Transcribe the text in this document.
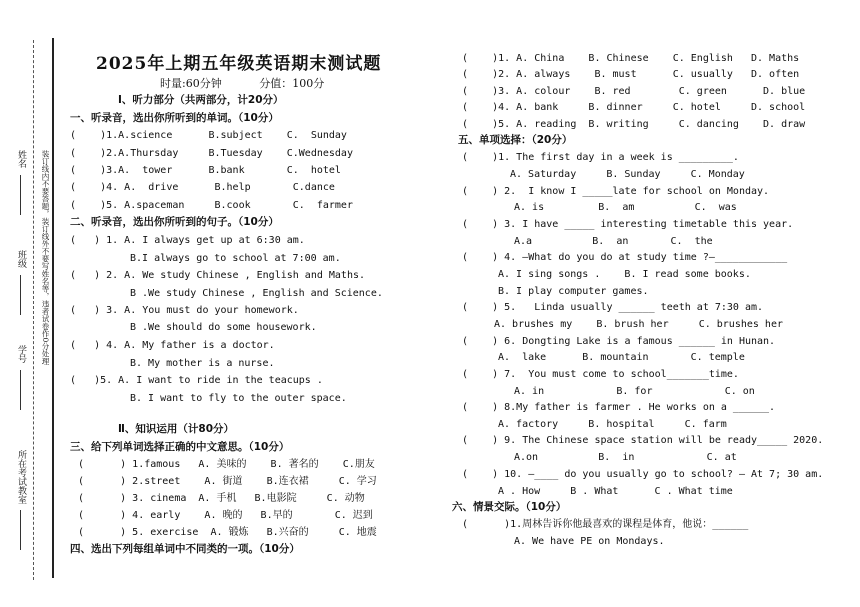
姓名
班级
学号
所在考试教室
装订线内不要答题，装订线外不要写姓名等，违者试卷作0分处理
2025年上期五年级英语期末测试题
时量:60分钟	分值：100分
Ⅰ、听力部分（共两部分，计20分）
一、听录音，选出你所听到的单词。（10分）
(    )1.A.science      B.subject    C.  Sunday
(    )2.A.Thursday     B.Tuesday    C.Wednesday
(    )3.A.  tower      B.bank       C.  hotel
(    )4. A.  drive      B.help       C.dance
(    )5. A.spaceman     B.cook       C.  farmer
二、听录音，选出你所听到的句子。（10分）
(   ) 1. A. I always get up at 6:30 am.
B.I always go to school at 7:00 am.
(   ) 2. A. We study Chinese , English and Maths.
B .We study Chinese , English and Science.
(   ) 3. A. You must do your homework.
B .We should do some housework.
(   ) 4. A. My father is a doctor.
B. My mother is a nurse.
(   )5. A. I want to ride in the teacups .
B. I want to fly to the outer space.
Ⅱ、知识运用（计80分）
三、给下列单词选择正确的中文意思。（10分）
(      ) 1.famous   A. 美味的    B. 著名的    C.朋友
(      ) 2.street    A. 街道    B.连衣裙     C. 学习
(      ) 3. cinema  A. 手机   B.电影院     C. 动物
(      ) 4. early    A. 晚的   B.早的       C. 迟到
(      ) 5. exercise  A. 锻炼   B.兴奋的     C. 地震
四、选出下列每组单词中不同类的一项。（10分）
(    )1. A. China    B. Chinese    C. English   D. Maths
(    )2. A. always    B. must      C. usually   D. often
(    )3. A. colour    B. red        C. green      D. blue
(    )4. A. bank     B. dinner     C. hotel     D. school
(    )5. A. reading  B. writing     C. dancing    D. draw
五、单项选择：（20分）
(    )1. The first day in a week is _________.
A. Saturday     B. Sunday     C. Monday
(    ) 2.  I know I _____late for school on Monday.
A. is         B.  am          C.  was
(    ) 3. I have _____ interesting timetable this year.
A.a          B.  an       C.  the
(    ) 4. —What do you do at study time ?—____________
A. I sing songs .    B. I read some books.
B. I play computer games.
(    ) 5.   Linda usually ______ teeth at 7:30 am.
A. brushes my    B. brush her     C. brushes her
(    ) 6. Dongting Lake is a famous ______ in Hunan.
A.  lake      B. mountain       C. temple
(    ) 7.  You must come to school_______time.
A. in            B. for            C. on
(    ) 8.My father is farmer . He works on a ______.
A. factory     B. hospital     C. farm
(    ) 9. The Chinese space station will be ready_____ 2020.
A.on          B.  in            C. at
(    ) 10. —____ do you usually go to school? — At 7; 30 am.
A . How     B . What      C . What time
六、情景交际。（10分）
(      )1.周林告诉你他最喜欢的课程是体育，他说：______
A. We have PE on Mondays.
